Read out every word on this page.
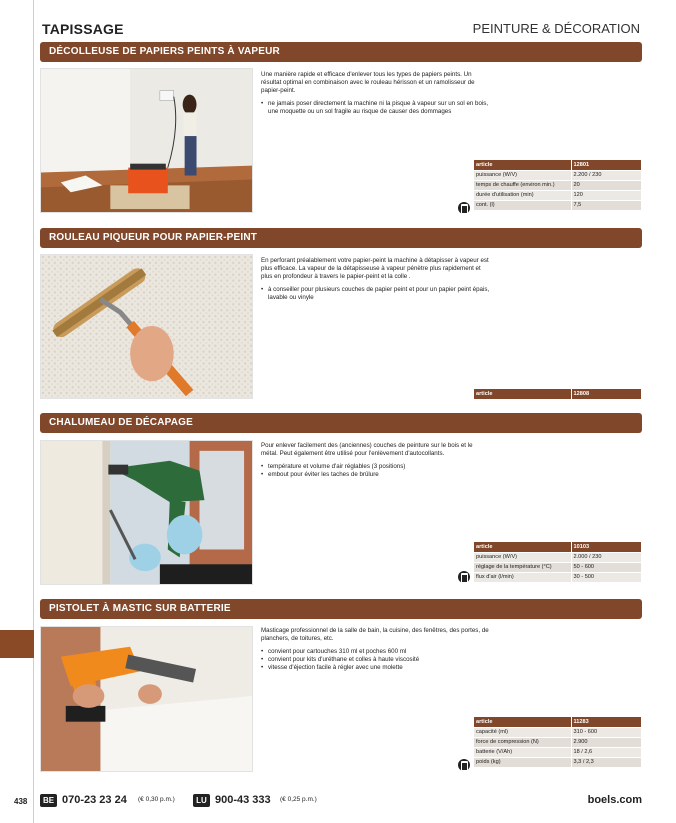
438
TAPISSAGE	PEINTURE & DÉCORATION
DÉCOLLEUSE DE PAPIERS PEINTS À VAPEUR

Une manière rapide et efficace d'enlever tous les types de papiers peints. Un résultat optimal en combinaison avec le rouleau hérisson et un ramolisseur de papier-peint.

• ne jamais poser directement la machine ni la pisque à vapeur sur un sol en bois, une moquette ou un sol fragile au risque de causer des dommages
article	12801
puissance (W/V)	2.200 / 230
temps de chauffe (environ min.)	20
durée d'utilisation (min)	120
cont. (l)	7,5
ROULEAU PIQUEUR POUR PAPIER-PEINT

En perforant préalablement votre papier-peint la machine à détapisser à vapeur est plus efficace. La vapeur de la détapisseuse à vapeur pénètre plus rapidement et plus en profondeur à travers le papier-peint et la colle .

• à conseiller pour plusieurs couches de papier peint et pour un papier peint épais, lavable ou vinyle
article	12808
CHALUMEAU DE DÉCAPAGE

Pour enlever facilement des (anciennes) couches de peinture sur le bois et le métal. Peut également être utilisé pour l'enlèvement d'autocollants.

• température et volume d'air réglables (3 positions)
• embout pour éviter les taches de brûlure
article	10103
puissance (W/V)	2.000 / 230
réglage de la température (°C)	50 - 600
flux d'air (l/min)	30 - 500
PISTOLET À MASTIC SUR BATTERIE

Masticage professionnel de la salle de bain, la cuisine, des fenêtres, des portes, de planchers, de toitures, etc.

• convient pour cartouches 310 ml et poches 600 ml
• convient pour kits d'uréthane et colles à haute viscosité
• vitesse d'éjection facile à régler avec une molette
article	11283
capacité (ml)	310 - 600
force de compression (N)	2.900
batterie (V/Ah)	18 / 2,6
poids (kg)	3,3 / 2,3
BE 070-23 23 24 (€ 0,30 p.m.)	LU 900-43 333 (€ 0,25 p.m.)	boels.com
